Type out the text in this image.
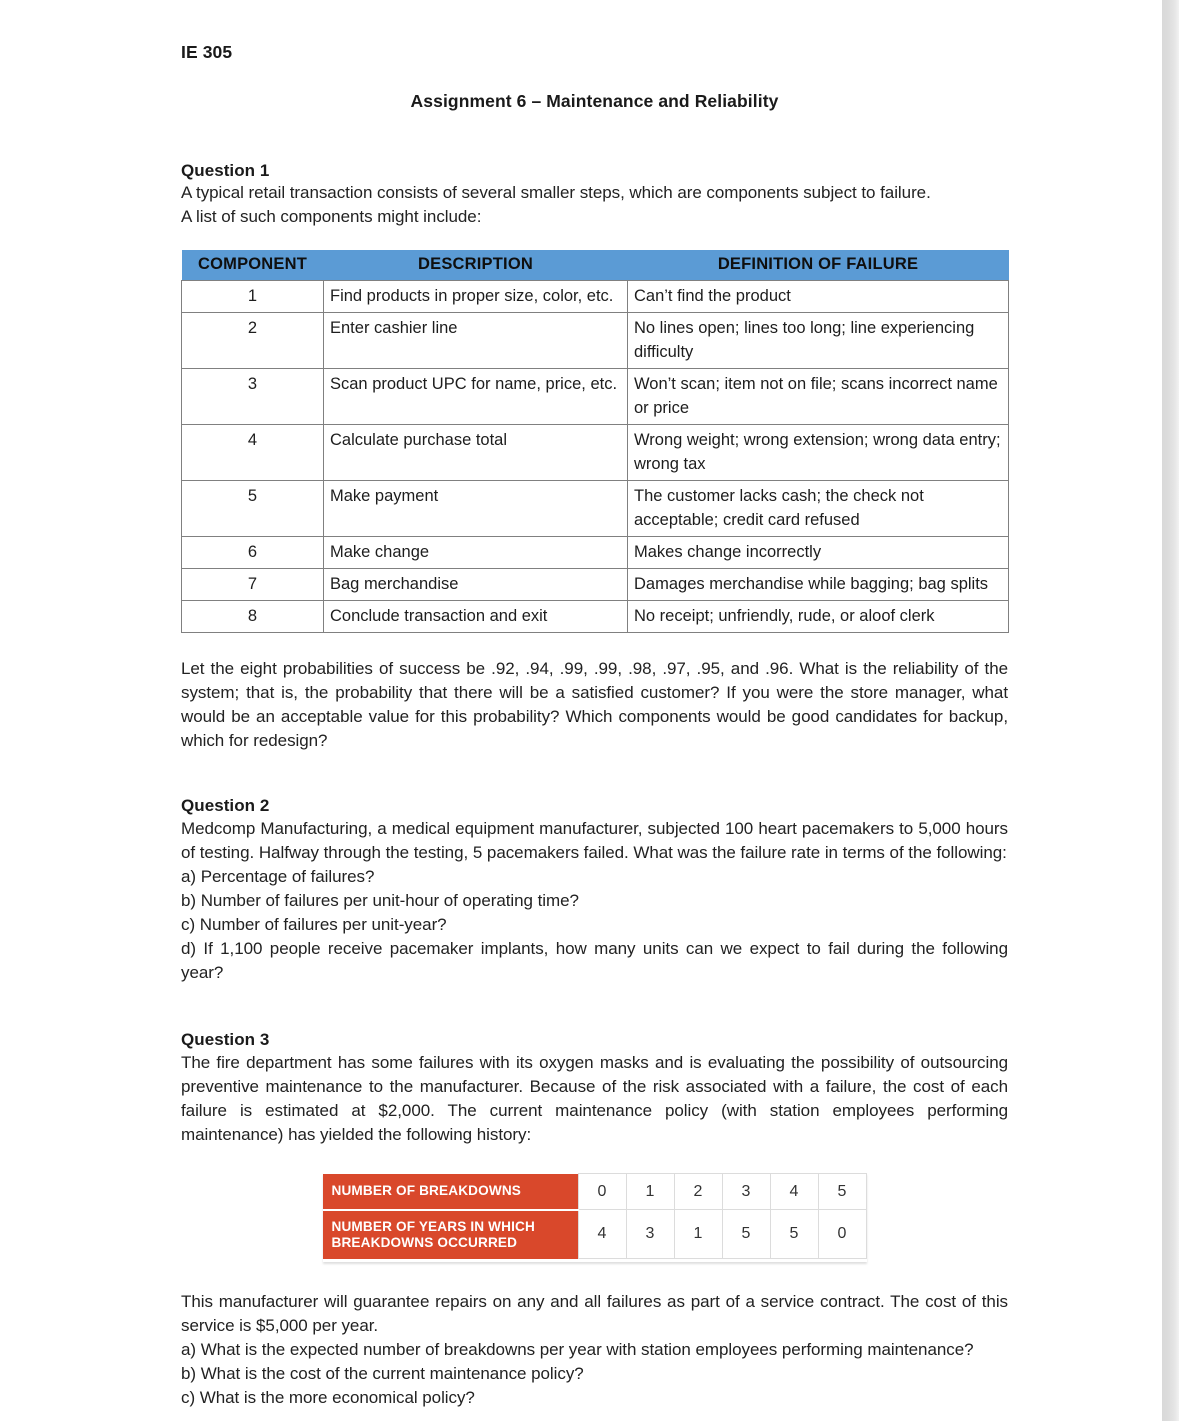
IE 305
Assignment 6 – Maintenance and Reliability
Question 1
A typical retail transaction consists of several smaller steps, which are components subject to failure.
A list of such components might include:
COMPONENT	DESCRIPTION	DEFINITION OF FAILURE
1	Find products in proper size, color, etc.	Can’t find the product
2	Enter cashier line	No lines open; lines too long; line experiencing difficulty
3	Scan product UPC for name, price, etc.	Won’t scan; item not on file; scans incorrect name or price
4	Calculate purchase total	Wrong weight; wrong extension; wrong data entry; wrong tax
5	Make payment	The customer lacks cash; the check not acceptable; credit card refused
6	Make change	Makes change incorrectly
7	Bag merchandise	Damages merchandise while bagging; bag splits
8	Conclude transaction and exit	No receipt; unfriendly, rude, or aloof clerk
Let the eight probabilities of success be .92, .94, .99, .99, .98, .97, .95, and .96. What is the reliability of the system; that is, the probability that there will be a satisfied customer? If you were the store manager, what would be an acceptable value for this probability? Which components would be good candidates for backup, which for redesign?
Question 2
Medcomp Manufacturing, a medical equipment manufacturer, subjected 100 heart pacemakers to 5,000 hours of testing. Halfway through the testing, 5 pacemakers failed. What was the failure rate in terms of the following:
a) Percentage of failures?
b) Number of failures per unit-hour of operating time?
c) Number of failures per unit-year?
d) If 1,100 people receive pacemaker implants, how many units can we expect to fail during the following year?
Question 3
The fire department has some failures with its oxygen masks and is evaluating the possibility of outsourcing preventive maintenance to the manufacturer. Because of the risk associated with a failure, the cost of each failure is estimated at $2,000. The current maintenance policy (with station employees performing maintenance) has yielded the following history:
NUMBER OF BREAKDOWNS	0	1	2	3	4	5
NUMBER OF YEARS IN WHICH BREAKDOWNS OCCURRED	4	3	1	5	5	0
This manufacturer will guarantee repairs on any and all failures as part of a service contract. The cost of this service is $5,000 per year.
a) What is the expected number of breakdowns per year with station employees performing maintenance?
b) What is the cost of the current maintenance policy?
c) What is the more economical policy?
